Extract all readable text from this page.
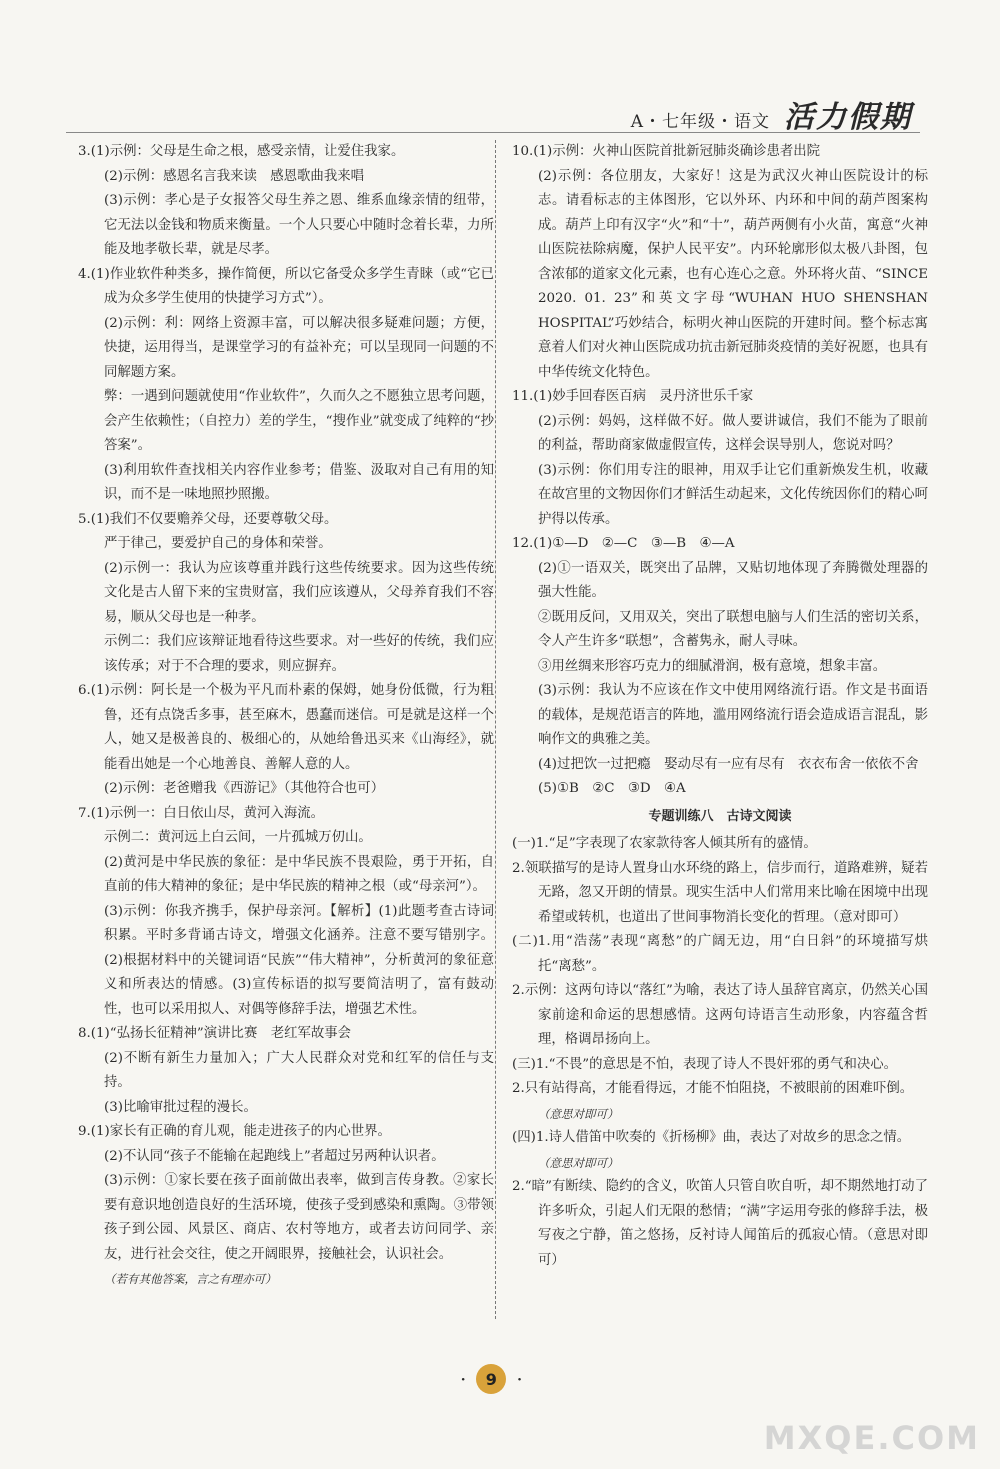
A・七年级・语文 活力假期

3.(1)示例：父母是生命之根，感受亲情，让爱住我家。

(2)示例：感恩名言我来读　感恩歌曲我来唱

(3)示例：孝心是子女报答父母生养之恩、维系血缘亲情的纽带，它无法以金钱和物质来衡量。一个人只要心中随时念着长辈，力所能及地孝敬长辈，就是尽孝。

4.(1)作业软件种类多，操作简便，所以它备受众多学生青睐（或“它已成为众多学生使用的快捷学习方式”）。

(2)示例：利：网络上资源丰富，可以解决很多疑难问题；方便，快捷，运用得当，是课堂学习的有益补充；可以呈现同一问题的不同解题方案。

弊：一遇到问题就使用“作业软件”，久而久之不愿独立思考问题，会产生依赖性；（自控力）差的学生，“搜作业”就变成了纯粹的“抄答案”。

(3)利用软件查找相关内容作业参考；借鉴、汲取对自己有用的知识，而不是一味地照抄照搬。

5.(1)我们不仅要赡养父母，还要尊敬父母。

严于律己，要爱护自己的身体和荣誉。

(2)示例一：我认为应该尊重并践行这些传统要求。因为这些传统文化是古人留下来的宝贵财富，我们应该遵从，父母养育我们不容易，顺从父母也是一种孝。

示例二：我们应该辩证地看待这些要求。对一些好的传统，我们应该传承；对于不合理的要求，则应摒弃。

6.(1)示例：阿长是一个极为平凡而朴素的保姆，她身份低微，行为粗鲁，还有点饶舌多事，甚至麻木，愚蠢而迷信。可是就是这样一个人，她又是极善良的、极细心的，从她给鲁迅买来《山海经》，就能看出她是一个心地善良、善解人意的人。

(2)示例：老爸赠我《西游记》（其他符合也可）

7.(1)示例一：白日依山尽，黄河入海流。

示例二：黄河远上白云间，一片孤城万仞山。

(2)黄河是中华民族的象征：是中华民族不畏艰险，勇于开拓，自直前的伟大精神的象征；是中华民族的精神之根（或“母亲河”）。

(3)示例：你我齐携手，保护母亲河。【解析】(1)此题考查古诗词积累。平时多背诵古诗文，增强文化涵养。注意不要写错别字。(2)根据材料中的关键词语“民族”“伟大精神”，分析黄河的象征意义和所表达的情感。(3)宣传标语的拟写要简洁明了，富有鼓动性，也可以采用拟人、对偶等修辞手法，增强艺术性。

8.(1)“弘扬长征精神”演讲比赛　老红军故事会

(2)不断有新生力量加入；广大人民群众对党和红军的信任与支持。

(3)比喻审批过程的漫长。

9.(1)家长有正确的育儿观，能走进孩子的内心世界。

(2)不认同“孩子不能输在起跑线上”者超过另两种认识者。

(3)示例：①家长要在孩子面前做出表率，做到言传身教。②家长要有意识地创造良好的生活环境，使孩子受到感染和熏陶。③带领孩子到公园、风景区、商店、农村等地方，或者去访问同学、亲友，进行社会交往，使之开阔眼界，接触社会，认识社会。

（若有其他答案，言之有理亦可）

10.(1)示例：火神山医院首批新冠肺炎确诊患者出院

(2)示例：各位朋友，大家好！这是为武汉火神山医院设计的标志。请看标志的主体图形，它以外环、内环和中间的葫芦图案构成。葫芦上印有汉字“火”和“十”，葫芦两侧有小火苗，寓意“火神山医院祛除病魔，保护人民平安”。内环轮廓形似太极八卦图，包含浓郁的道家文化元素，也有心连心之意。外环将火苗、“SINCE 2020. 01. 23”和英文字母“WUHAN HUO SHENSHAN HOSPITAL”巧妙结合，标明火神山医院的开建时间。整个标志寓意着人们对火神山医院成功抗击新冠肺炎疫情的美好祝愿，也具有中华传统文化特色。

11.(1)妙手回春医百病　灵丹济世乐千家

(2)示例：妈妈，这样做不好。做人要讲诚信，我们不能为了眼前的利益，帮助商家做虚假宣传，这样会误导别人，您说对吗？

(3)示例：你们用专注的眼神，用双手让它们重新焕发生机，收藏在故宫里的文物因你们才鲜活生动起来，文化传统因你们的精心呵护得以传承。

12.(1)①—D　②—C　③—B　④—A

(2)①一语双关，既突出了品牌，又贴切地体现了奔腾微处理器的强大性能。

②既用反问，又用双关，突出了联想电脑与人们生活的密切关系，令人产生许多“联想”，含蓄隽永，耐人寻味。

③用丝绸来形容巧克力的细腻滑润，极有意境，想象丰富。

(3)示例：我认为不应该在作文中使用网络流行语。作文是书面语的载体，是规范语言的阵地，滥用网络流行语会造成语言混乱，影响作文的典雅之美。

(4)过把饮一过把瘾　娶动尽有一应有尽有　衣衣布舍一依依不舍

(5)①B　②C　③D　④A

专题训练八　古诗文阅读

(一)1.“足”字表现了农家款待客人倾其所有的盛情。

2.领联描写的是诗人置身山水环绕的路上，信步而行，道路难辨，疑若无路，忽又开朗的情景。现实生活中人们常用来比喻在困境中出现希望或转机，也道出了世间事物消长变化的哲理。（意对即可）

(二)1.用“浩荡”表现“离愁”的广阔无边，用“白日斜”的环境描写烘托“离愁”。

2.示例：这两句诗以“落红”为喻，表达了诗人虽辞官离京，仍然关心国家前途和命运的思想感情。这两句诗语言生动形象，内容蕴含哲理，格调昂扬向上。

(三)1.“不畏”的意思是不怕，表现了诗人不畏奸邪的勇气和决心。

2.只有站得高，才能看得远，才能不怕阻挠，不被眼前的困难吓倒。

（意思对即可）

(四)1.诗人借笛中吹奏的《折杨柳》曲，表达了对故乡的思念之情。

（意思对即可）

2.“暗”有断续、隐约的含义，吹笛人只管自吹自听，却不期然地打动了许多听众，引起人们无限的愁情；“满”字运用夸张的修辞手法，极写夜之宁静，笛之悠扬，反衬诗人闻笛后的孤寂心情。（意思对即可）

·	9 ·
MXQE.COM
